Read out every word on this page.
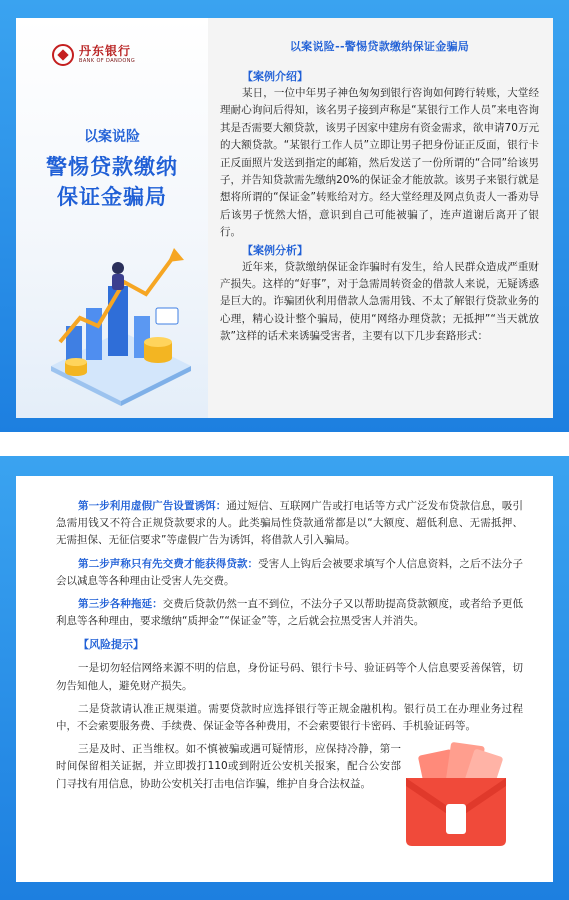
丹东银行
BANK OF DANDONG
以案说险
警惕贷款缴纳
保证金骗局
以案说险--警惕贷款缴纳保证金骗局
【案例介绍】

某日，一位中年男子神色匆匆到银行咨询如何跨行转账，大堂经理耐心询问后得知，该名男子接到声称是“某银行工作人员”来电咨询其是否需要大额贷款，该男子因家中建房有资金需求，欲申请70万元的大额贷款。“某银行工作人员”立即让男子把身份证正反面，银行卡正反面照片发送到指定的邮箱，然后发送了一份所谓的“合同”给该男子，并告知贷款需先缴纳20%的保证金才能放款。该男子来银行就是想将所谓的“保证金”转账给对方。经大堂经理及网点负责人一番劝导后该男子恍然大悟，意识到自己可能被骗了，连声道谢后离开了银行。

【案例分析】

近年来，贷款缴纳保证金诈骗时有发生，给人民群众造成严重财产损失。这样的“好事”，对于急需周转资金的借款人来说，无疑诱惑是巨大的。诈骗团伙利用借款人急需用钱、不太了解银行贷款业务的心理，精心设计整个骗局，使用“网络办理贷款；无抵押”“当天就放款”这样的话术来诱骗受害者，主要有以下几步套路形式：

第一步利用虚假广告设置诱饵：通过短信、互联网广告或打电话等方式广泛发布贷款信息，吸引急需用钱又不符合正规贷款要求的人。此类骗局性贷款通常都是以“大额度、超低利息、无需抵押、无需担保、无征信要求”等虚假广告为诱饵，将借款人引入骗局。

第二步声称只有先交费才能获得贷款：受害人上钩后会被要求填写个人信息资料，之后不法分子会以减息等各种理由让受害人先交费。

第三步各种拖延：交费后贷款仍然一直不到位，不法分子又以帮助提高贷款额度，或者给予更低利息等各种理由，要求缴纳“质押金”“保证金”等，之后就会拉黑受害人并消失。

【风险提示】

一是切勿轻信网络来源不明的信息，身份证号码、银行卡号、验证码等个人信息要妥善保管，切勿告知他人，避免财产损失。

二是贷款请认准正规渠道。需要贷款时应选择银行等正规金融机构。银行员工在办理业务过程中，不会索要服务费、手续费、保证金等各种费用，不会索要银行卡密码、手机验证码等。

三是及时、正当维权。如不慎被骗或遇可疑情形，应保持冷静，第一时间保留相关证据，并立即拨打110或到附近公安机关报案，配合公安部门寻找有用信息，协助公安机关打击电信诈骗，维护自身合法权益。
